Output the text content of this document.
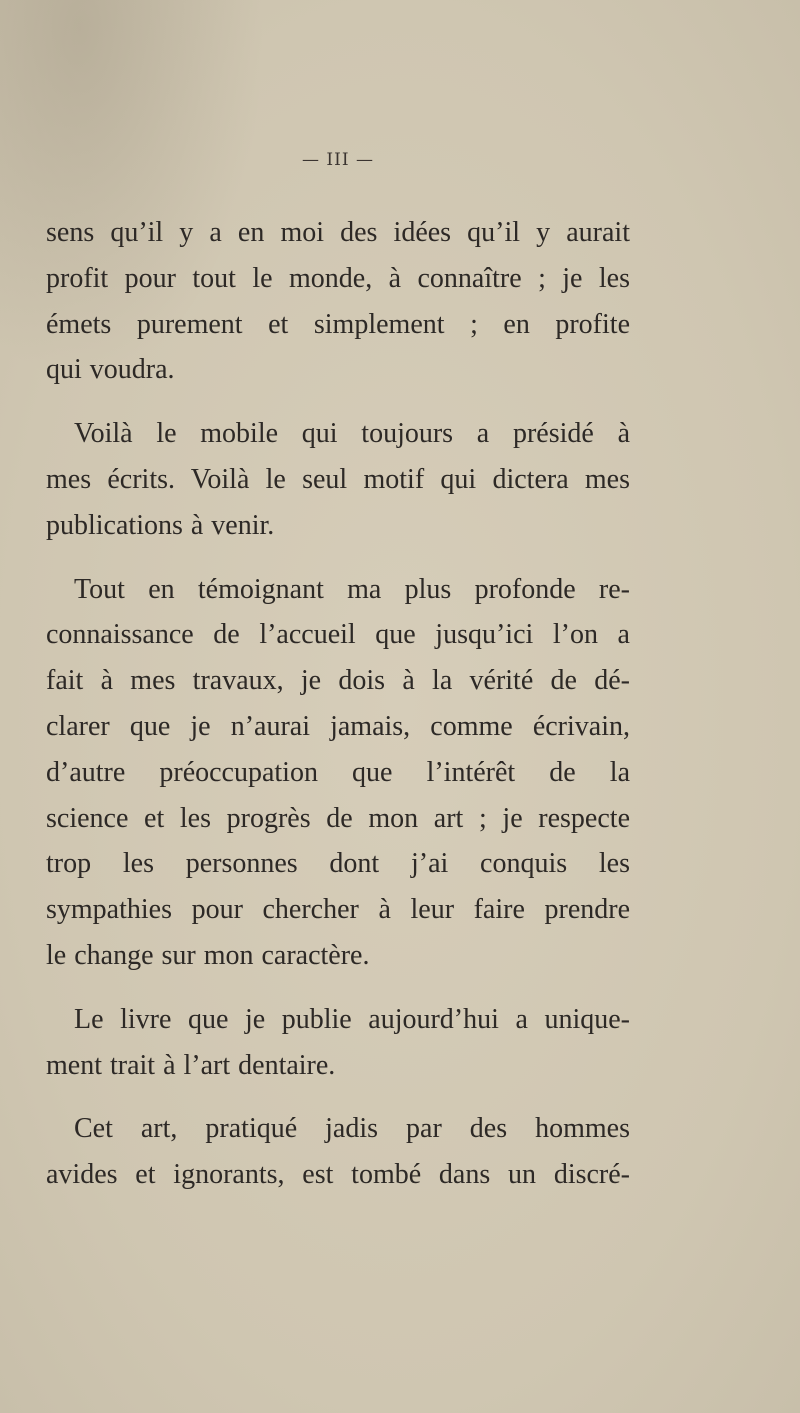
— III —
sens qu’il y a en moi des idées qu’il y aurait
profit pour tout le monde, à connaître ; je les
émets purement et simplement ; en profite
qui voudra.
Voilà le mobile qui toujours a présidé à
mes écrits. Voilà le seul motif qui dictera mes
publications à venir.
Tout en témoignant ma plus profonde re-
connaissance de l’accueil que jusqu’ici l’on a
fait à mes travaux, je dois à la vérité de dé-
clarer que je n’aurai jamais, comme écrivain,
d’autre préoccupation que l’intérêt de la
science et les progrès de mon art ; je respecte
trop les personnes dont j’ai conquis les
sympathies pour chercher à leur faire prendre
le change sur mon caractère.
Le livre que je publie aujourd’hui a unique-
ment trait à l’art dentaire.
Cet art, pratiqué jadis par des hommes
avides et ignorants, est tombé dans un discré-
